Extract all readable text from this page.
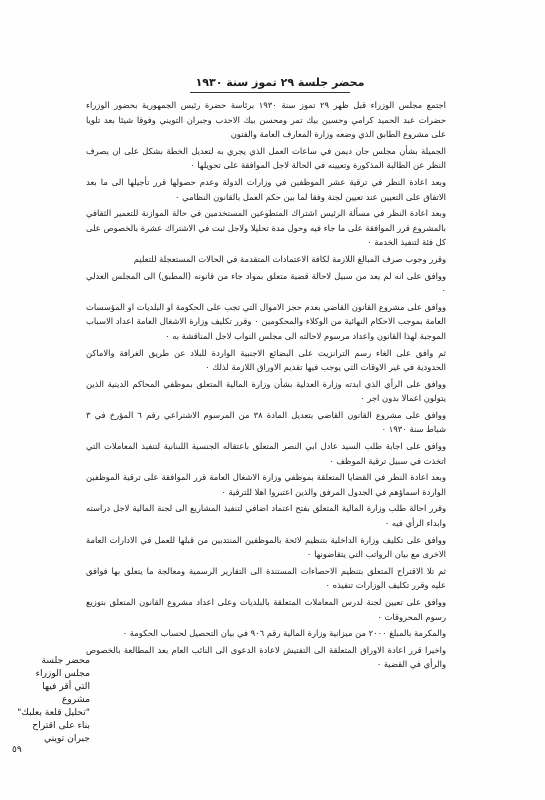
محضر جلسة ٢٩ تموز سنة ١٩٣٠

اجتمع مجلس الوزراء قبل ظهر ٢٩ تموز سنة ١٩٣٠ برئاسة حضرة رئيس الجمهورية بحضور الوزراء حضرات عبد الحميد كرامي وحسين بيك تمر ومحسن بيك الاحدب وجبران التويني وفوقا شيئا بعد تلويا على مشروع الطابق الذي وضعه وزارة المعارف العامة والفنون

الجميلة بشأن مجلس جان ديمن في ساعات العمل الذي يجري به لتعديل الخطة بشكل على ان يصرف النظر عن الطالبة المذكورة وتعيينه في الحالة لاجل الموافقة على تحويلها ٠

وبعد اعادة النظر في ترقية عشر الموظفين في وزارات الدولة وعدم حصولها قرر تأجيلها الى ما بعد الاتفاق على التعيين عند تعيين لجنة وفقا لما بين حكم العمل بالقانون النظامي ٠

وبعد اعادة النظر في مسألة الرئيس اشتراك المتطوعين المستخدمين في حالة الموازنة للتعمير الثقافي بالمشروع قرر الموافقة على ما جاء فيه وحول مدة تحليلا ولاجل ثبت في الاشتراك عشرة بالخصوص على كل فئة لتنفيذ الخدمة ٠

وقرر وجوب صرف المبالغ اللازمة لكافة الاعتمادات المتقدمة في الحالات المستعجلة للتعليم

ووافق على انه لم يعد من سبيل لاحالة قضية متعلق بمواد جاء من قانونه (المطبق) الى المجلس العدلي ٠

ووافق على مشروع القانون القاضي بعدم حجز الاموال التي تجب على الحكومة او البلديات او المؤسسات العامة بموجب الاحكام النهائية من الوكلاء والمحكومين ٠ وقرر تكليف وزارة الاشغال العامة اعداد الاسباب الموجبة لهذا القانون واعداد مرسوم لاحالته الى مجلس النواب لاجل المناقشة به ٠

ثم وافق على الغاء رسم الترانزيت على البضائع الاجنبية الواردة للبلاد عن طريق الغرافة والاماكن الحدودية في غير الاوقات التي يوجب فيها تقديم الاوراق اللازمة لذلك ٠

ووافق على الرأي الذي ابدته وزارة العدلية بشأن وزارة المالية المتعلق بموظفي المحاكم الدينية الذين يتولون اعمالا بدون اجر ٠

ووافق على مشروع القانون القاضي بتعديل المادة ٣٨ من المرسوم الاشتراعي رقم ٦ المؤرخ في ٣ شباط سنة ١٩٣٠ ٠

ووافق على اجابة طلب السيد عادل ابي النصر المتعلق باعتقاله الجنسية اللبنانية لتنفيذ المعاملات التي اتخذت في سبيل ترقية الموظف ٠

وبعد اعادة النظر في القضايا المتعلقة بموظفي وزارة الاشغال العامة قرر الموافقة على ترقية الموظفين الواردة اسماؤهم في الجدول المرفق والذين اعتبروا اهلا للترقية ٠

وقرر احالة طلب وزارة المالية المتعلق بفتح اعتماد اضافي لتنفيذ المشاريع الى لجنة المالية لاجل دراسته وابداء الرأي فيه ٠

ووافق على تكليف وزارة الداخلية بتنظيم لائحة بالموظفين المنتدبين من قبلها للعمل في الادارات العامة الاخرى مع بيان الرواتب التي يتقاضونها ٠

ثم تلا الاقتراح المتعلق بتنظيم الاحصاءات المستندة الى التقارير الرسمية ومعالجة ما يتعلق بها فوافق عليه وقرر تكليف الوزارات تنفيذه ٠

ووافق على تعيين لجنة لدرس المعاملات المتعلقة بالبلديات وعلى اعداد مشروع القانون المتعلق بتوزيع رسوم المحروقات ٠

والمكرمة بالمبلغ ٢٠٠٠ من ميزانية وزارة المالية رقم ٩٠٦ في بيان التحصيل لحساب الحكومة ٠

واخيرا قرر اعادة الاوراق المتعلقة الى التفتيش لاعادة الدعوى الى النائب العام بعد المطالعة بالخصوص والرأي في القضية ٠

محضر جلسة
مجلس الوزراء
التي أقر فيها
مشروع
"تحليل قلعة بعلبك"
بناء على اقتراح
جبران تويني
٥٩
